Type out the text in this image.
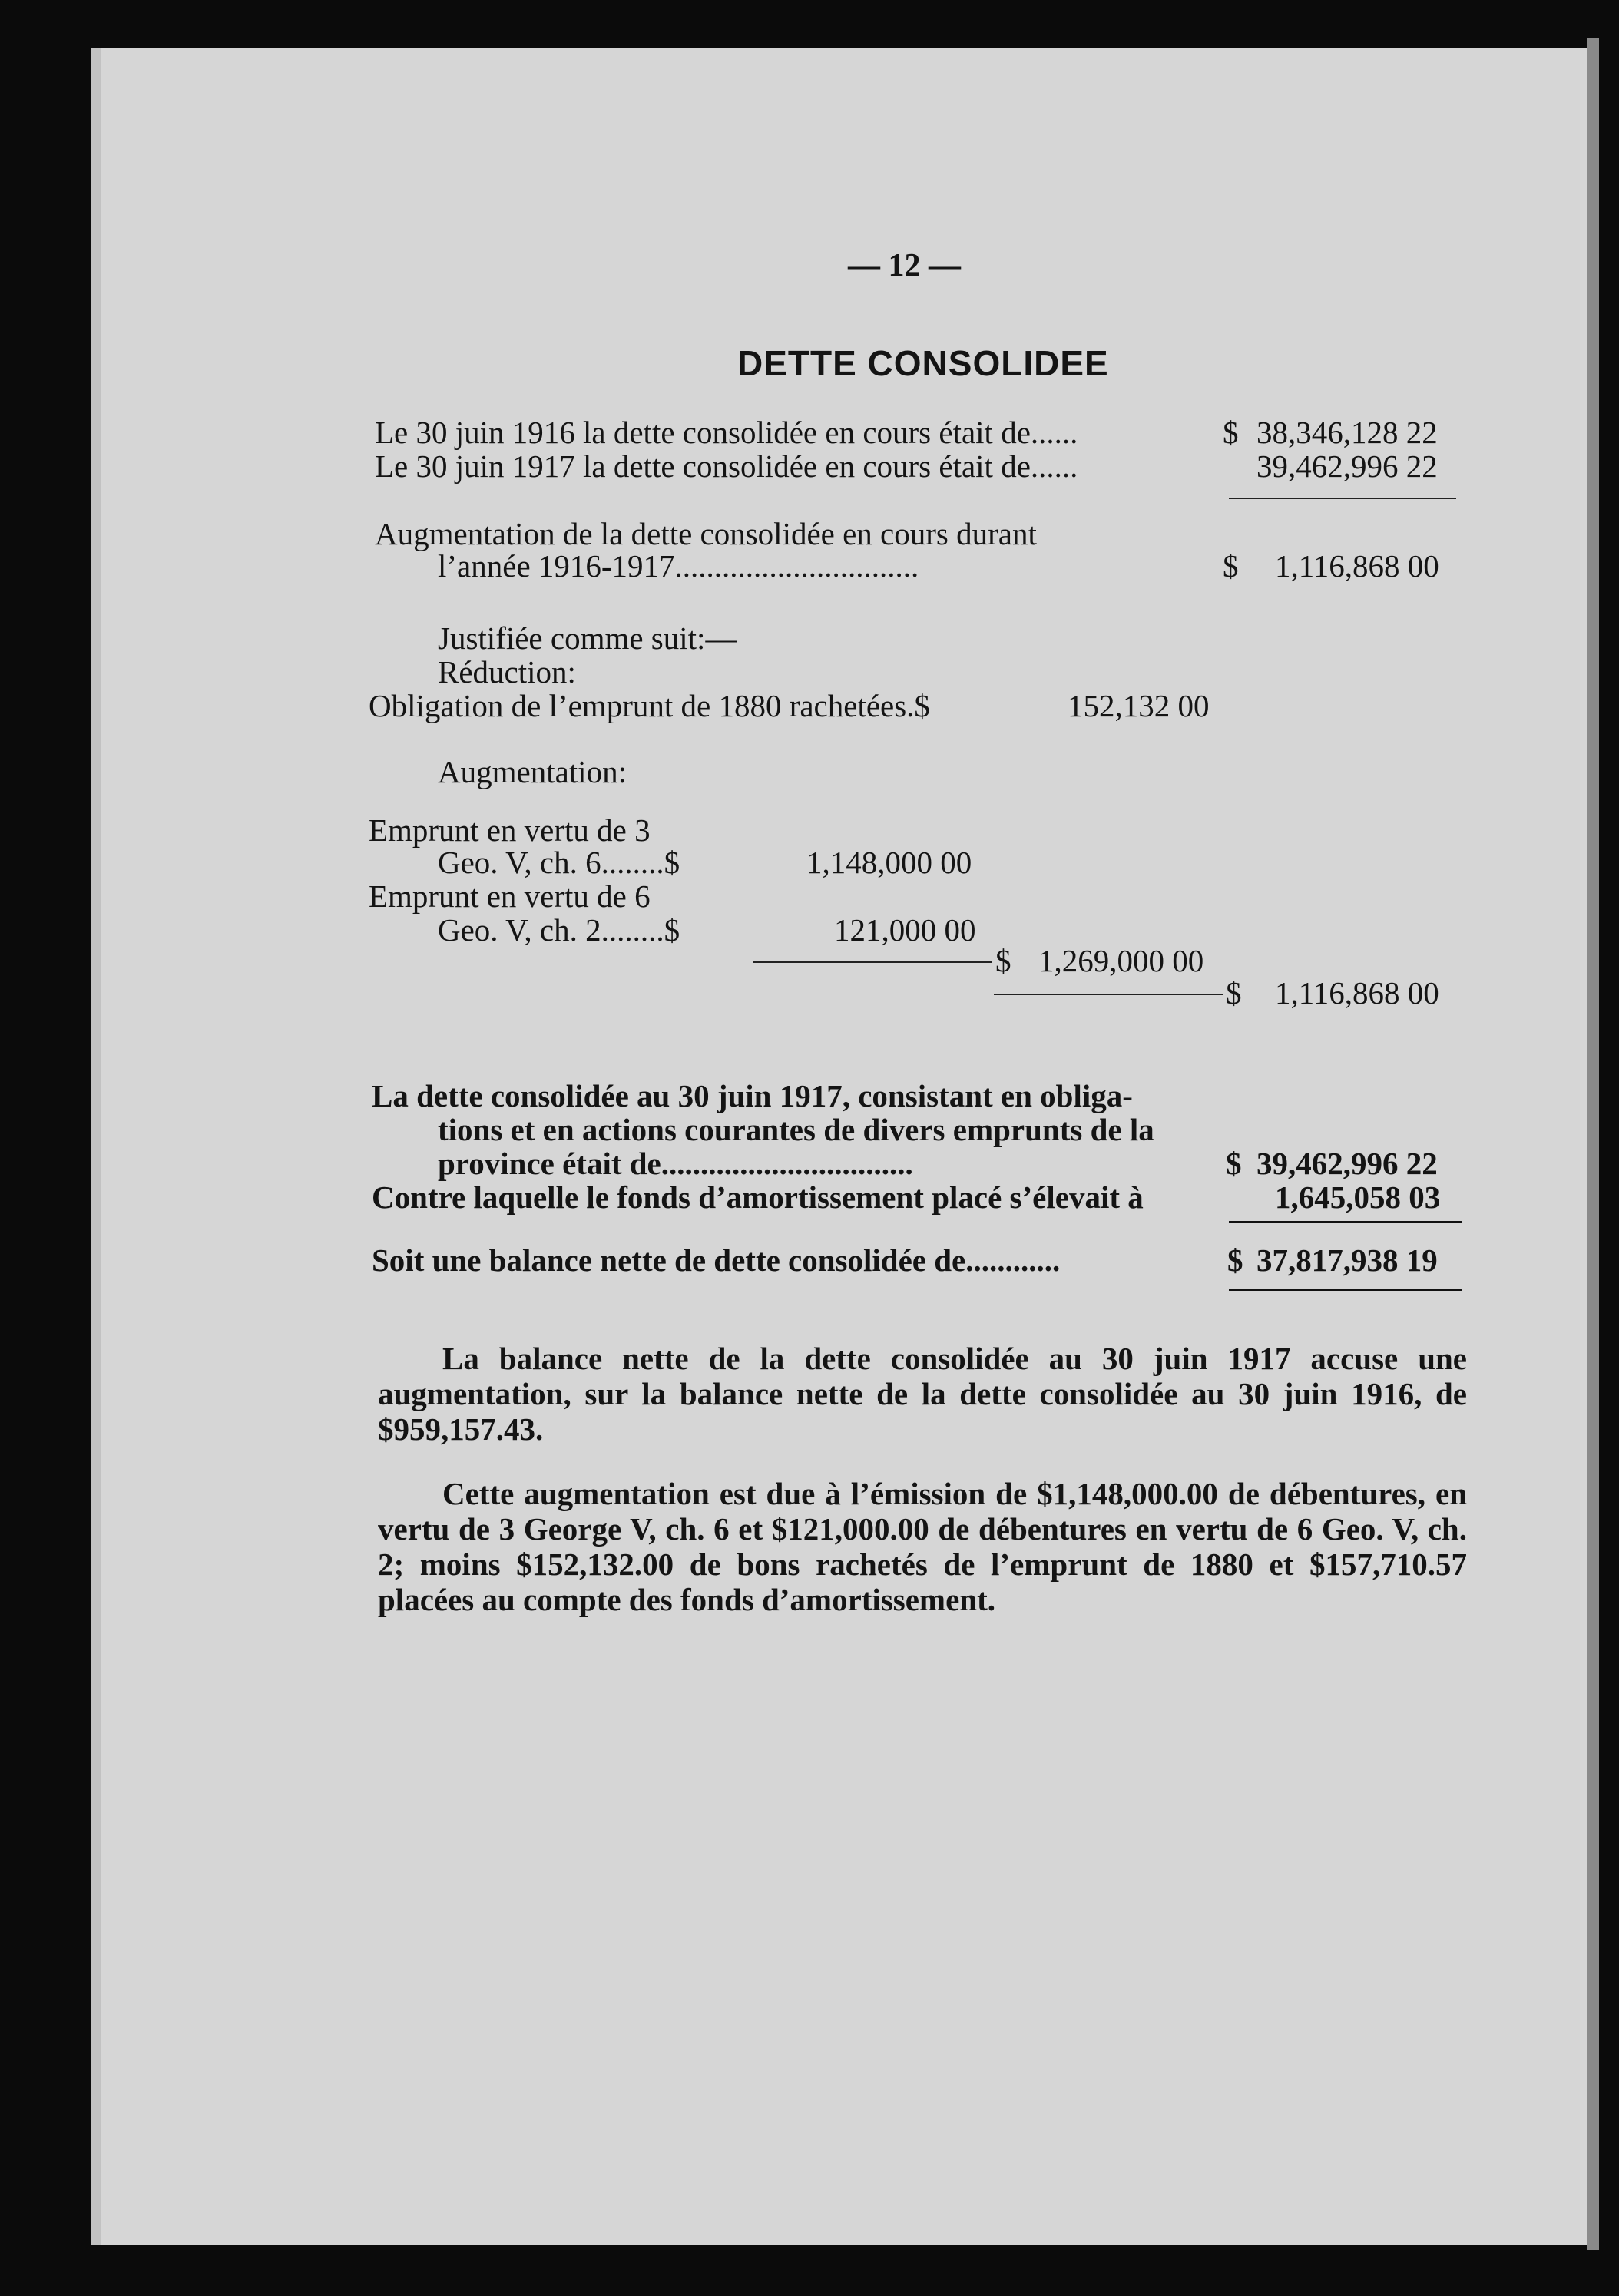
— 12 —
DETTE CONSOLIDEE
Le 30 juin 1916 la dette consolidée en cours était de......	$ 38,346,128 22
Le 30 juin 1917 la dette consolidée en cours était de......	39,462,996 22
Augmentation de la dette consolidée en cours durant
l’année 1916-1917...............................	$ 1,116,868 00
Justifiée comme suit:—
Réduction:
Obligation de l’emprunt de 1880 rachetées.$	152,132 00
Augmentation:
Emprunt en vertu de 3
Geo. V, ch. 6........$	1,148,000 00
Emprunt en vertu de 6
Geo. V, ch. 2........$	121,000 00
$ 1,269,000 00
$ 1,116,868 00
La dette consolidée au 30 juin 1917, consistant en obliga-
tions et en actions courantes de divers emprunts de la
province était de................................	$ 39,462,996 22
Contre laquelle le fonds d’amortissement placé s’élevait à	1,645,058 03
Soit une balance nette de dette consolidée de............	$ 37,817,938 19

La balance nette de la dette consolidée au 30 juin 1917 accuse une augmentation, sur la balance nette de la dette consolidée au 30 juin 1916, de $959,157.43.

Cette augmentation est due à l’émission de $1,148,000.00 de débentures, en vertu de 3 George V, ch. 6 et $121,000.00 de débentures en vertu de 6 Geo. V, ch. 2; moins $152,132.00 de bons rachetés de l’emprunt de 1880 et $157,710.57 placées au compte des fonds d’amortissement.
